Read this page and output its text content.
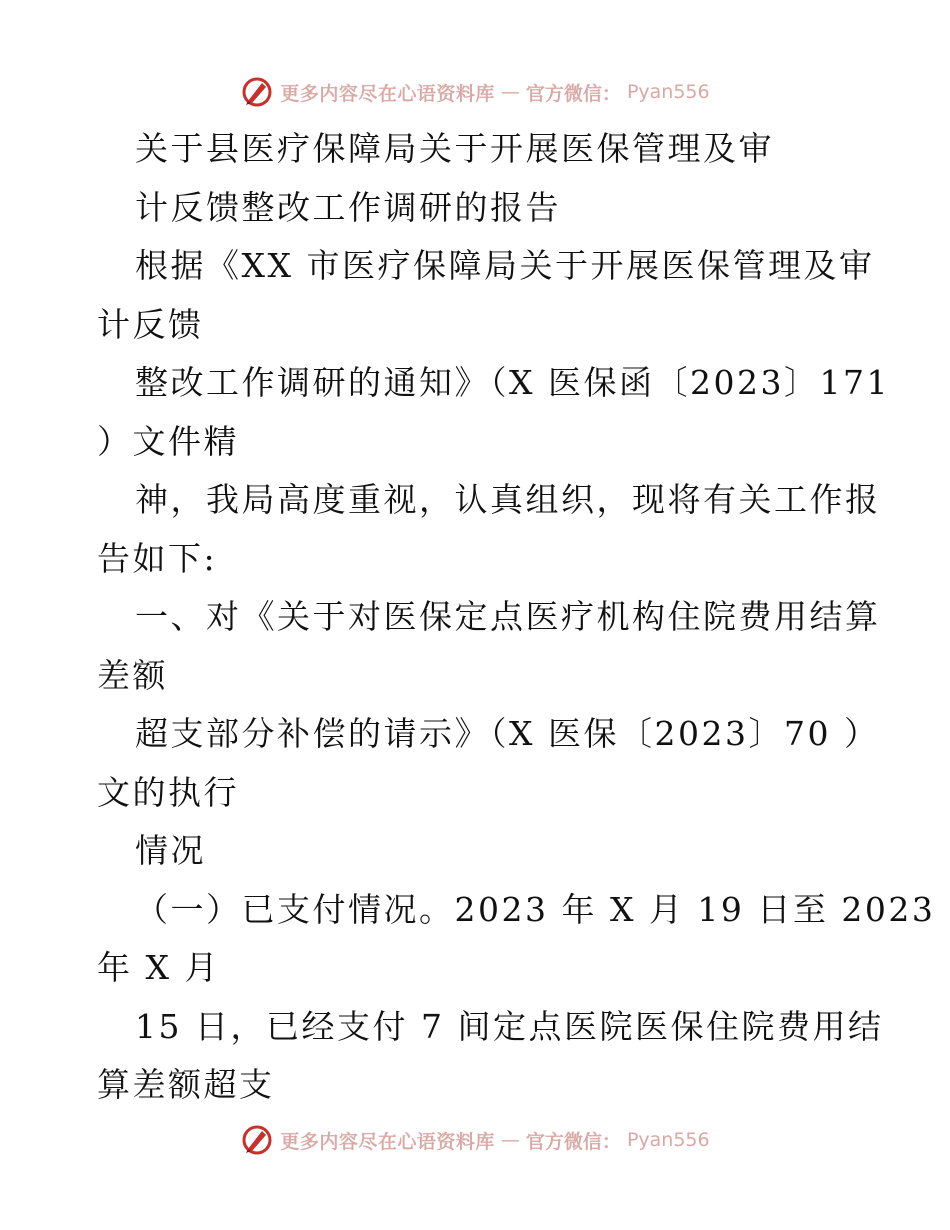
更多内容尽在心语资料库 — 官方微信： Pyan556
关于县医疗保障局关于开展医保管理及审
计反馈整改工作调研的报告
根据《XX 市医疗保障局关于开展医保管理及审
计反馈
整改工作调研的通知》（X 医保函〔2023〕171
）文件精
神，我局高度重视，认真组织，现将有关工作报
告如下:
一、对《关于对医保定点医疗机构住院费用结算
差额
超支部分补偿的请示》（X 医保〔2023〕70 ）
文的执行
情况
（一）已支付情况。2023 年 X 月 19 日至 2023
年 X 月
15 日，已经支付 7 间定点医院医保住院费用结
算差额超支
更多内容尽在心语资料库 — 官方微信： Pyan556
